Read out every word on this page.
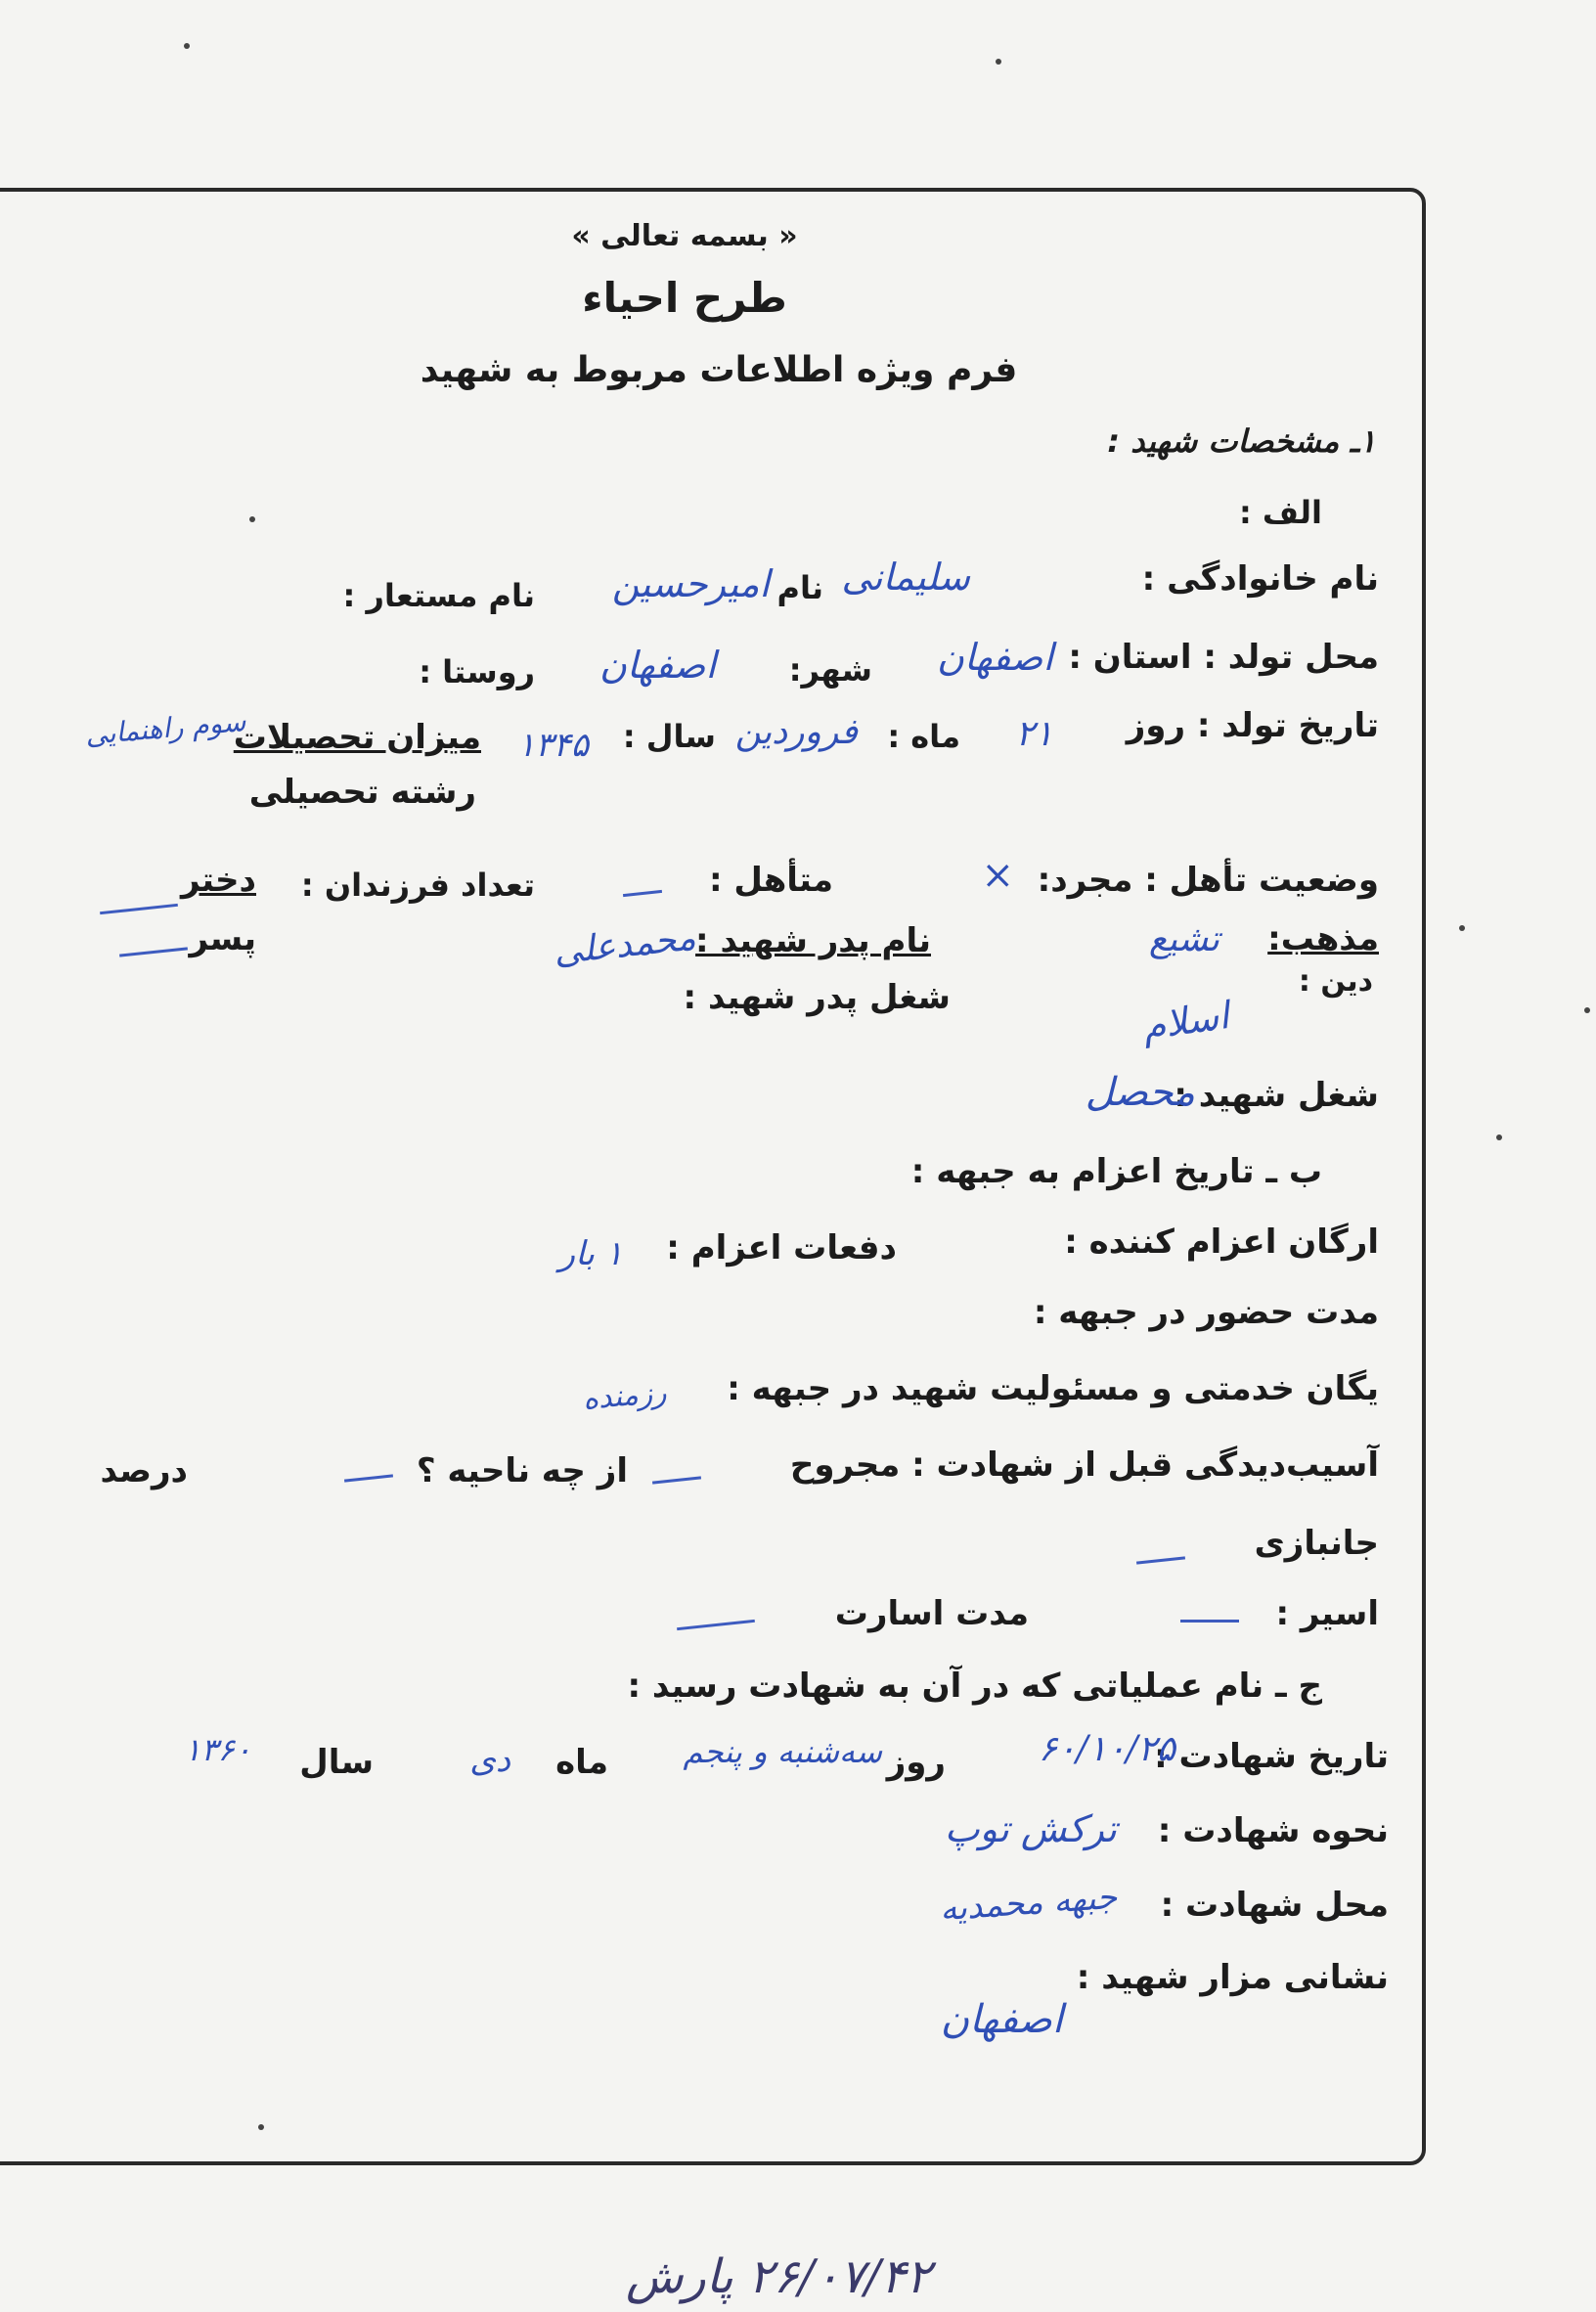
« بسمه تعالی »
طرح احیاء
فرم ویژه اطلاعات مربوط به شهید
۱ـ مشخصات شهید :
الف :
نام خانوادگی :
سلیمانی
نام
امیرحسین
نام مستعار :
محل تولد : استان :
اصفهان
شهر:
اصفهان
روستا :
تاریخ تولد : روز
۲۱
ماه :
فروردین
سال :
۱۳۴۵
میزان تحصیلات
سوم راهنمایی
رشته تحصیلی
وضعیت تأهل : مجرد:
×
متأهل :
تعداد فرزندان :
دختر
پسر	مذهب:
تشیع
دین :
اسلام
نام پدر شهید :
محمدعلی
شغل پدر شهید :
شغل شهید :
محصل
ب ـ تاریخ اعزام به جبهه :
ارگان اعزام کننده :
دفعات اعزام :
۱ بار
مدت حضور در جبهه :
یگان خدمتی و مسئولیت شهید در جبهه :
رزمنده
آسیب‌دیدگی قبل از شهادت : مجروح
از چه ناحیه ؟
درصد
جانبازی
اسیر :
مدت اسارت
ج ـ نام عملیاتی که در آن به شهادت رسید :
تاریخ شهادت :
۶۰/۱۰/۲۵
روز
سه‌شنبه و پنجم
ماه
دی
سال
۱۳۶۰
نحوه شهادت :
ترکش توپ
محل شهادت :
جبهه محمدیه
نشانی مزار شهید :
اصفهان
۲۶/۰۷/۴۲ پارش
